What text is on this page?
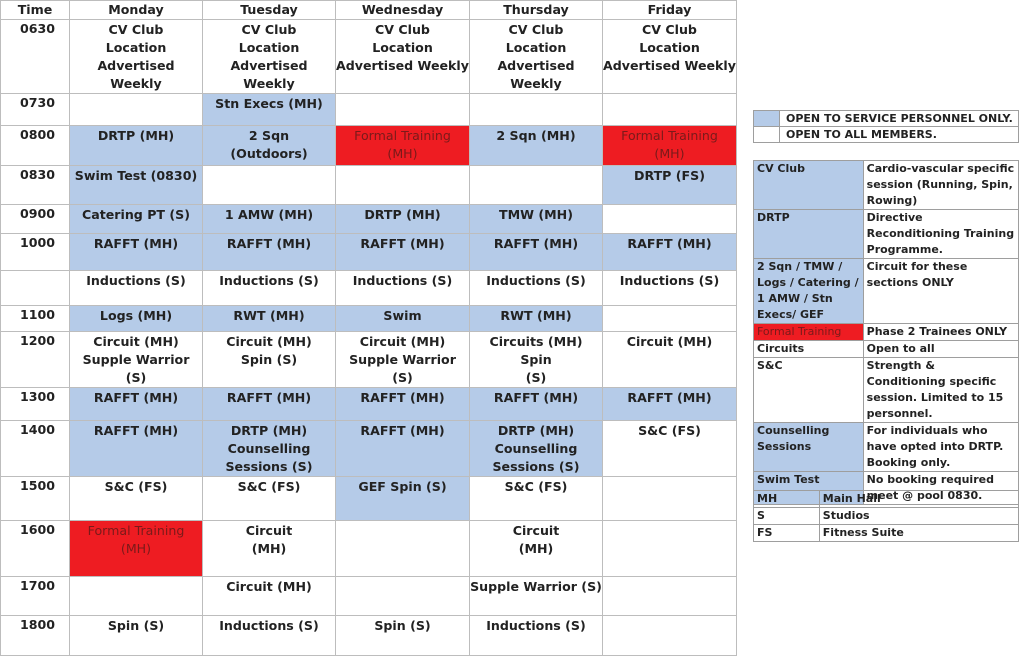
Time	Monday	Tuesday	Wednesday	Thursday	Friday
0630	CV Club
Location
Advertised Weekly	CV Club
Location
Advertised Weekly	CV Club
Location
Advertised Weekly	CV Club
Location
Advertised Weekly	CV Club
Location
Advertised Weekly

0730		Stn Execs (MH)			

0800	DRTP (MH)	2 Sqn
(Outdoors)	Formal Training
(MH)	2 Sqn (MH)	Formal Training
(MH)

0830	Swim Test (0830)				DRTP (FS)

0900	Catering PT (S)	1 AMW (MH)	DRTP (MH)	TMW (MH)	

1000	RAFFT (MH)	RAFFT (MH)	RAFFT (MH)	RAFFT (MH)	RAFFT (MH)

	Inductions (S)	Inductions (S)	Inductions (S)	Inductions (S)	Inductions (S)

1100	Logs (MH)	RWT (MH)	Swim	RWT (MH)	

1200	Circuit (MH)
Supple Warrior
(S)	Circuit (MH)
Spin (S)	Circuit (MH)
Supple Warrior
(S)	Circuits (MH)
Spin
(S)	Circuit (MH)

1300	RAFFT (MH)	RAFFT (MH)	RAFFT (MH)	RAFFT (MH)	RAFFT (MH)

1400	RAFFT (MH)	DRTP (MH)
Counselling
Sessions (S)	RAFFT (MH)	DRTP (MH)
Counselling
Sessions (S)	S&C (FS)

1500	S&C (FS)	S&C (FS)	GEF Spin (S)	S&C (FS)	

1600	Formal Training
(MH)	Circuit
(MH)		Circuit
(MH)	

1700		Circuit (MH)		Supple Warrior (S)	

1800	Spin (S)	Inductions (S)	Spin (S)	Inductions (S)	

	OPEN TO SERVICE PERSONNEL ONLY.
	OPEN TO ALL MEMBERS.
CV Club	Cardio-vascular specific session (Running, Spin, Rowing)
DRTP	Directive Reconditioning Training Programme.
2 Sqn / TMW / Logs / Catering / 1 AMW / Stn Execs/ GEF	Circuit for these sections ONLY
Formal Training	Phase 2 Trainees ONLY
Circuits	Open to all
S&C	Strength & Conditioning specific session. Limited to 15 personnel.
Counselling Sessions	For individuals who have opted into DRTP. Booking only.
Swim Test	No booking required meet @ pool 0830.
MH	Main Hall
S	Studios
FS	Fitness Suite
